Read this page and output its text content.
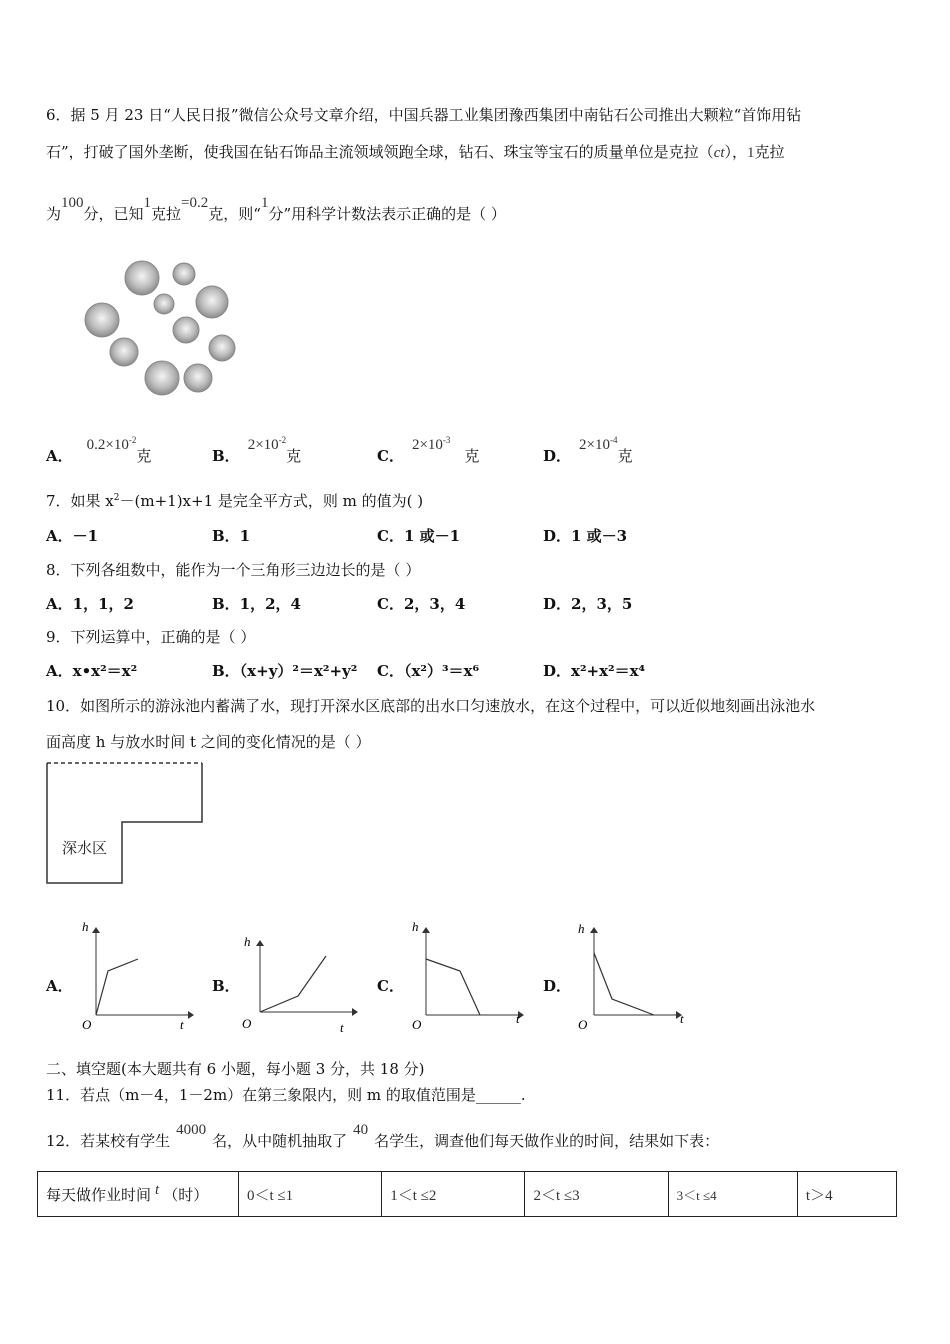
6．据 5 月 23 日“人民日报”微信公众号文章介绍，中国兵器工业集团豫西集团中南钻石公司推出大颗粒“首饰用钻
石”，打破了国外垄断，使我国在钻石饰品主流领域领跑全球，钻石、珠宝等宝石的质量单位是克拉（ct），1克拉
为100分，已知1克拉=0.2克，则“1分”用科学计数法表示正确的是（ ）
A．$0.2\times 10^{-2}$克	B．$2\times 10^{-2}$克	C．$2\times 10^{-3}$克	D．$2\times 10^{-4}$克
7．如果 $x^2-(m+1)x+1$ 是完全平方式，则 m 的值为( )
A．－1	B．1	C．1 或－1	D．1 或－3
8．下列各组数中，能作为一个三角形三边边长的是（ ）
A．1，1，2	B．1，2，4	C．2，3，4	D．2，3，5
9．下列运算中，正确的是（ ）
A．x•x²＝x²	B．（x+y）²＝x²+y² C．（x²）³＝x⁶	D．x²+x²＝x⁴
10．如图所示的游泳池内蓄满了水，现打开深水区底部的出水口匀速放水，在这个过程中，可以近似地刻画出泳池水
面高度 h 与放水时间 t 之间的变化情况的是（ ）
深水区
A．
h
t
O
B．
h
t
O
C．
h
t
O
D．
h
t
O
二、填空题(本大题共有 6 小题，每小题 3 分，共 18 分)
11．若点（m－4，1－2m）在第三象限内，则 m 的取值范围是______.
12．若某校有学生4000名，从中随机抽取了40名学生，调查他们每天做作业的时间，结果如下表：
每天做作业时间 t （时）	0＜t ≤1	1＜t ≤2	2＜t ≤3	3＜t ≤4	t＞4
